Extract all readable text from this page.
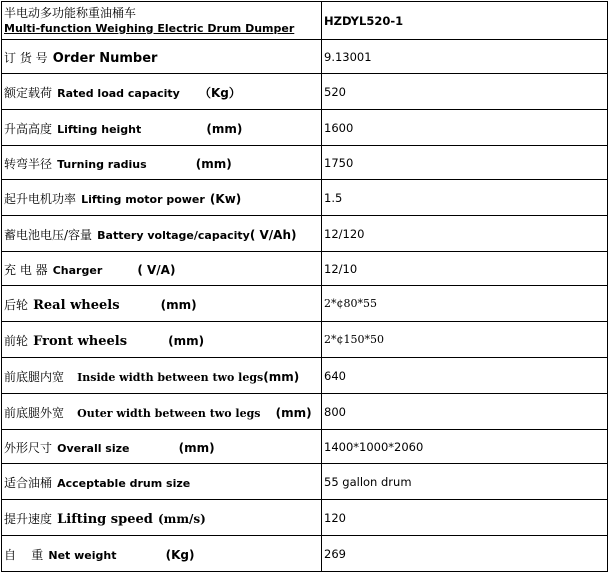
半电动多功能称重油桶车
Multi-function Weighing Electric Drum Dumper	HZDYL520-1
订 货 号 Order Number	9.13001
额定载荷 Rated load capacity （Kg）	520
升高高度 Lifting height (mm)	1600
转弯半径 Turning radius (mm)	1750
起升电机功率 Lifting motor power (Kw)	1.5
蓄电池电压/容量 Battery voltage/capacity( V/Ah)	12/120
充 电 器 Charger ( V/A)	12/10
后轮 Real wheels (mm)	2*¢80*55
前轮 Front wheels (mm)	2*¢150*50
前底腿内宽 Inside width between two legs(mm)	640
前底腿外宽 Outer width between two legs (mm)	800
外形尺寸 Overall size (mm)	1400*1000*2060
适合油桶 Acceptable drum size	55 gallon drum
提升速度 Lifting speed (mm/s)	120
自    重 Net weight (Kg)	269
